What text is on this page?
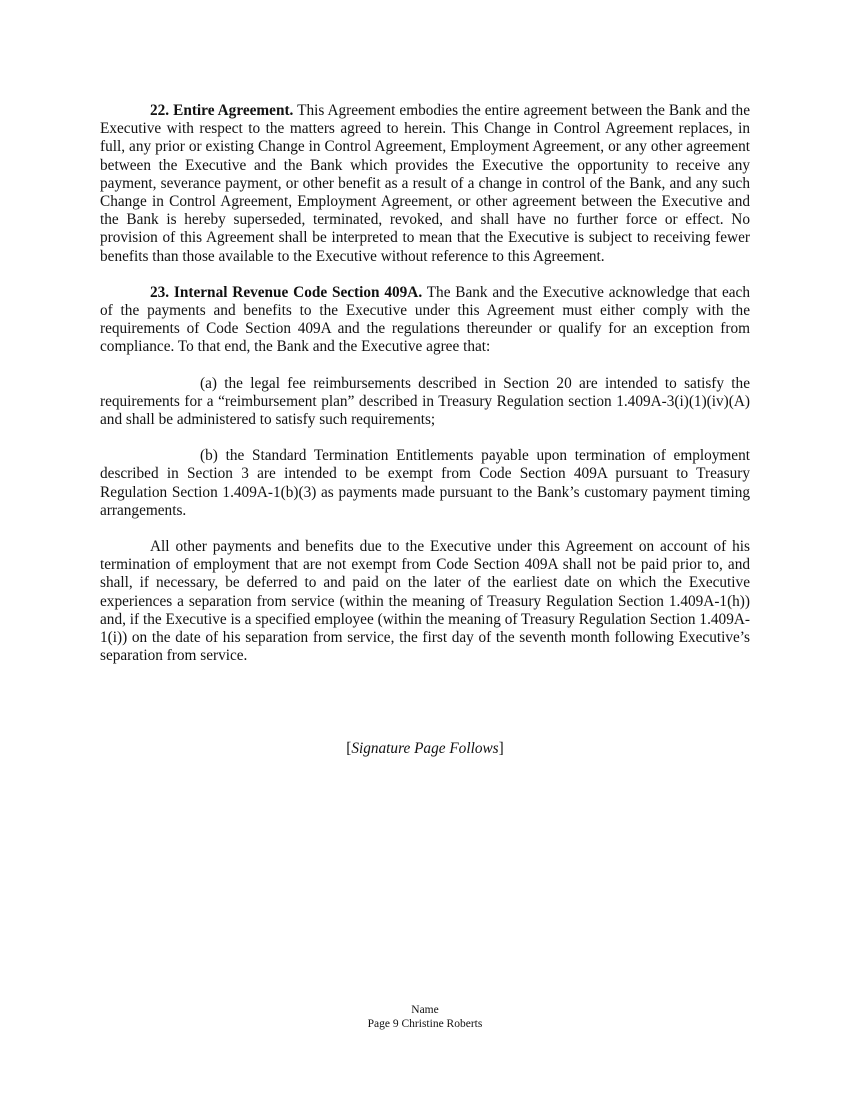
22. Entire Agreement. This Agreement embodies the entire agreement between the Bank and the Executive with respect to the matters agreed to herein. This Change in Control Agreement replaces, in full, any prior or existing Change in Control Agreement, Employment Agreement, or any other agreement between the Executive and the Bank which provides the Executive the opportunity to receive any payment, severance payment, or other benefit as a result of a change in control of the Bank, and any such Change in Control Agreement, Employment Agreement, or other agreement between the Executive and the Bank is hereby superseded, terminated, revoked, and shall have no further force or effect. No provision of this Agreement shall be interpreted to mean that the Executive is subject to receiving fewer benefits than those available to the Executive without reference to this Agreement.

23. Internal Revenue Code Section 409A. The Bank and the Executive acknowledge that each of the payments and benefits to the Executive under this Agreement must either comply with the requirements of Code Section 409A and the regulations thereunder or qualify for an exception from compliance. To that end, the Bank and the Executive agree that:

(a) the legal fee reimbursements described in Section 20 are intended to satisfy the requirements for a “reimbursement plan” described in Treasury Regulation section 1.409A-3(i)(1)(iv)(A) and shall be administered to satisfy such requirements;

(b) the Standard Termination Entitlements payable upon termination of employment described in Section 3 are intended to be exempt from Code Section 409A pursuant to Treasury Regulation Section 1.409A-1(b)(3) as payments made pursuant to the Bank’s customary payment timing arrangements.

All other payments and benefits due to the Executive under this Agreement on account of his termination of employment that are not exempt from Code Section 409A shall not be paid prior to, and shall, if necessary, be deferred to and paid on the later of the earliest date on which the Executive experiences a separation from service (within the meaning of Treasury Regulation Section 1.409A-1(h)) and, if the Executive is a specified employee (within the meaning of Treasury Regulation Section 1.409A-1(i)) on the date of his separation from service, the first day of the seventh month following Executive’s separation from service.

[Signature Page Follows]
Name
Page 9 Christine Roberts
